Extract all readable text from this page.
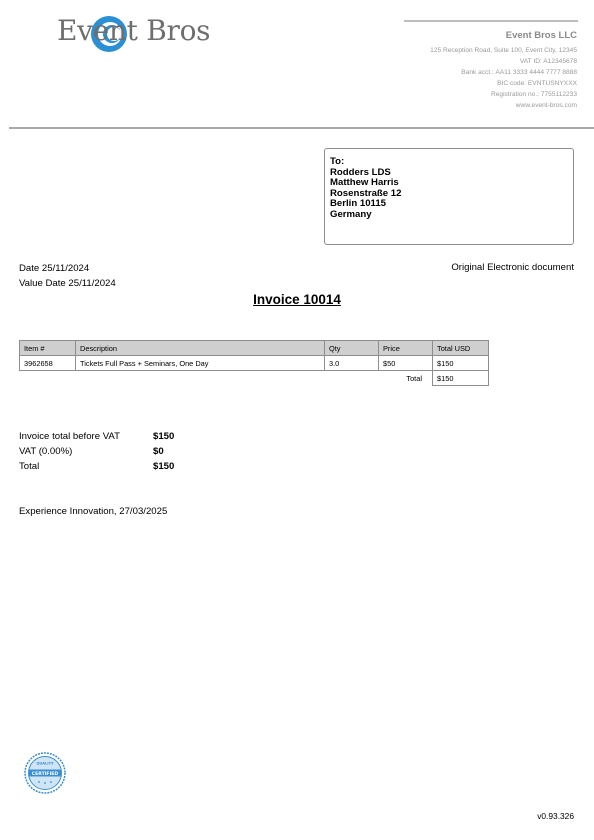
Event Bros	Event Bros LLC
125 Reception Road, Suite 100, Event City, 12345
VAT ID: A12345678
Bank acct.: AA11 3333 4444 7777 8888
BIC code: EVNTUSNYXXX
Registration no.: 7755112233
www.event-bros.com
To:
Rodders LDS
Matthew Harris
Rosenstraße 12
Berlin 10115
Germany
Date 25/11/2024
Value Date 25/11/2024
Original Electronic document
Invoice 10014
Item #	Description	Qty	Price	Total USD
3962658	Tickets Full Pass + Seminars, One Day	3.0	$50	$150
			Total	$150
Invoice total before VAT	$150
VAT (0.00%)	$0
Total	$150
Experience Innovation, 27/03/2025
QUALITY
CERTIFIED
v0.93.326
